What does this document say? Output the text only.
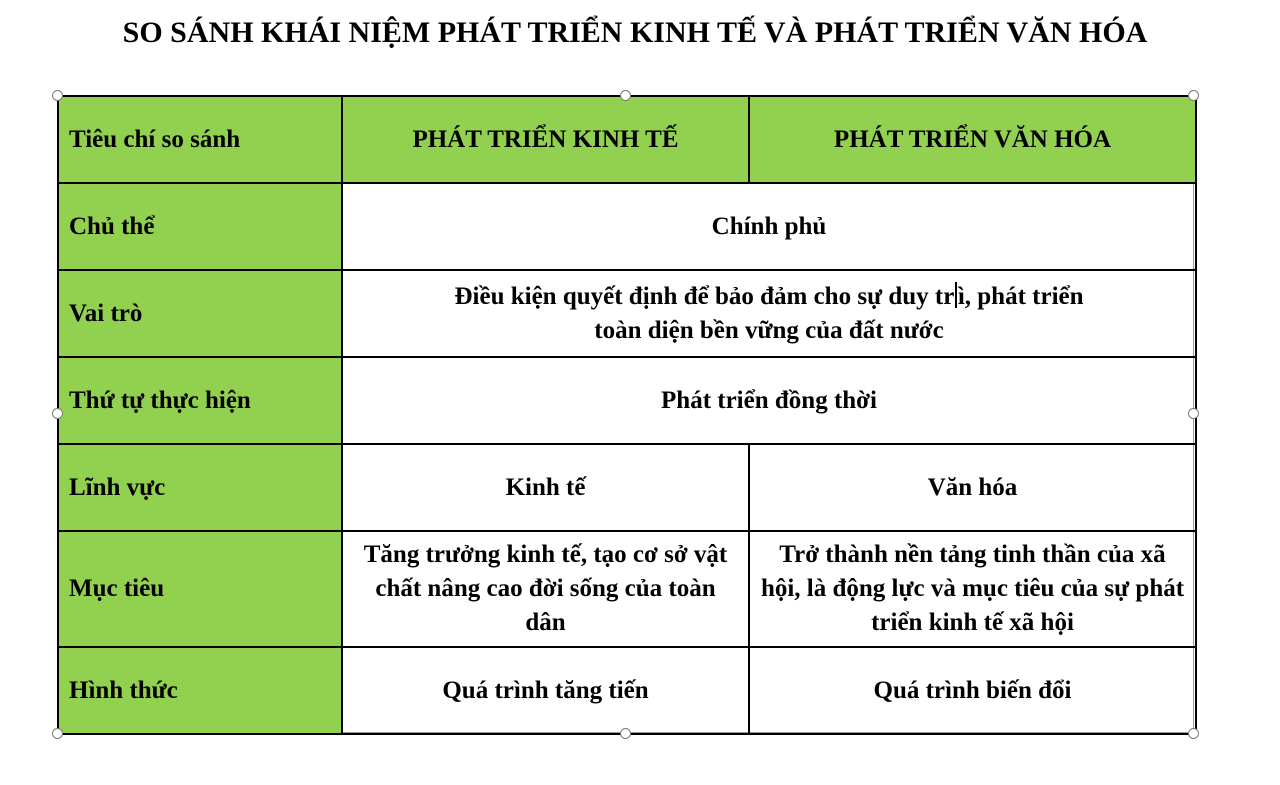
SO SÁNH KHÁI NIỆM PHÁT TRIỂN KINH TẾ VÀ PHÁT TRIỂN VĂN HÓA
Tiêu chí so sánh	PHÁT TRIỂN KINH TẾ	PHÁT TRIỂN VĂN HÓA
Chủ thể	Chính phủ	
Vai trò	Điều kiện quyết định để bảo đảm cho sự duy tr ì, phát triển
toàn diện bền vững của đất nước	

Thứ tự thực hiện	Phát triển đồng thời	
Lĩnh vực	Kinh tế	Văn hóa
Mục tiêu	Tăng trưởng kinh tế, tạo cơ sở vật chất nâng cao đời sống của toàn dân	Trở thành nền tảng tinh thần của xã hội, là động lực và mục tiêu của sự phát triển kinh tế xã hội
Hình thức	Quá trình tăng tiến	Quá trình biến đổi
